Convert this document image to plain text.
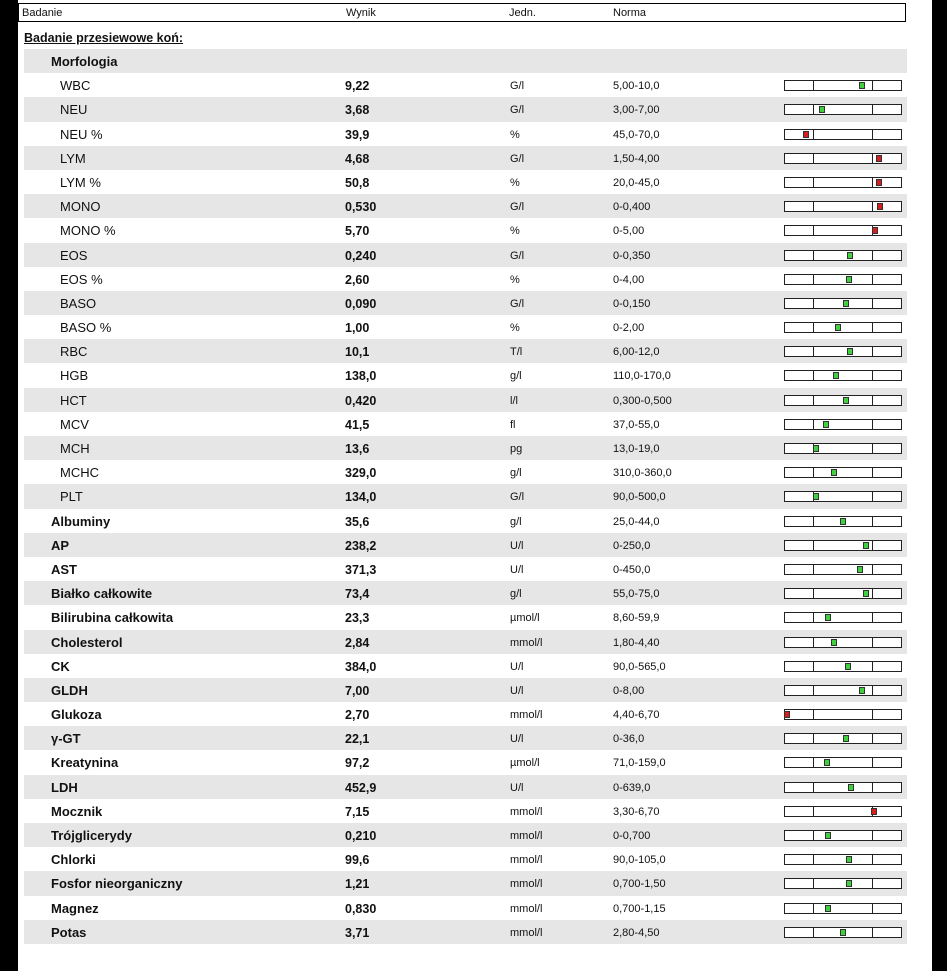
Badanie	Wynik	Jedn.	Norma
Badanie przesiewowe koń:
Morfologia
WBC	9,22	G/l	5,00-10,0
NEU	3,68	G/l	3,00-7,00
NEU %	39,9	%	45,0-70,0
LYM	4,68	G/l	1,50-4,00
LYM %	50,8	%	20,0-45,0
MONO	0,530	G/l	0-0,400
MONO %	5,70	%	0-5,00
EOS	0,240	G/l	0-0,350
EOS %	2,60	%	0-4,00
BASO	0,090	G/l	0-0,150
BASO %	1,00	%	0-2,00
RBC	10,1	T/l	6,00-12,0
HGB	138,0	g/l	110,0-170,0
HCT	0,420	l/l	0,300-0,500
MCV	41,5	fl	37,0-55,0
MCH	13,6	pg	13,0-19,0
MCHC	329,0	g/l	310,0-360,0
PLT	134,0	G/l	90,0-500,0
Albuminy	35,6	g/l	25,0-44,0
AP	238,2	U/l	0-250,0
AST	371,3	U/l	0-450,0
Białko całkowite	73,4	g/l	55,0-75,0
Bilirubina całkowita	23,3	µmol/l	8,60-59,9
Cholesterol	2,84	mmol/l	1,80-4,40
CK	384,0	U/l	90,0-565,0
GLDH	7,00	U/l	0-8,00
Glukoza	2,70	mmol/l	4,40-6,70
γ-GT	22,1	U/l	0-36,0
Kreatynina	97,2	µmol/l	71,0-159,0
LDH	452,9	U/l	0-639,0
Mocznik	7,15	mmol/l	3,30-6,70
Trójglicerydy	0,210	mmol/l	0-0,700
Chlorki	99,6	mmol/l	90,0-105,0
Fosfor nieorganiczny	1,21	mmol/l	0,700-1,50
Magnez	0,830	mmol/l	0,700-1,15
Potas	3,71	mmol/l	2,80-4,50
